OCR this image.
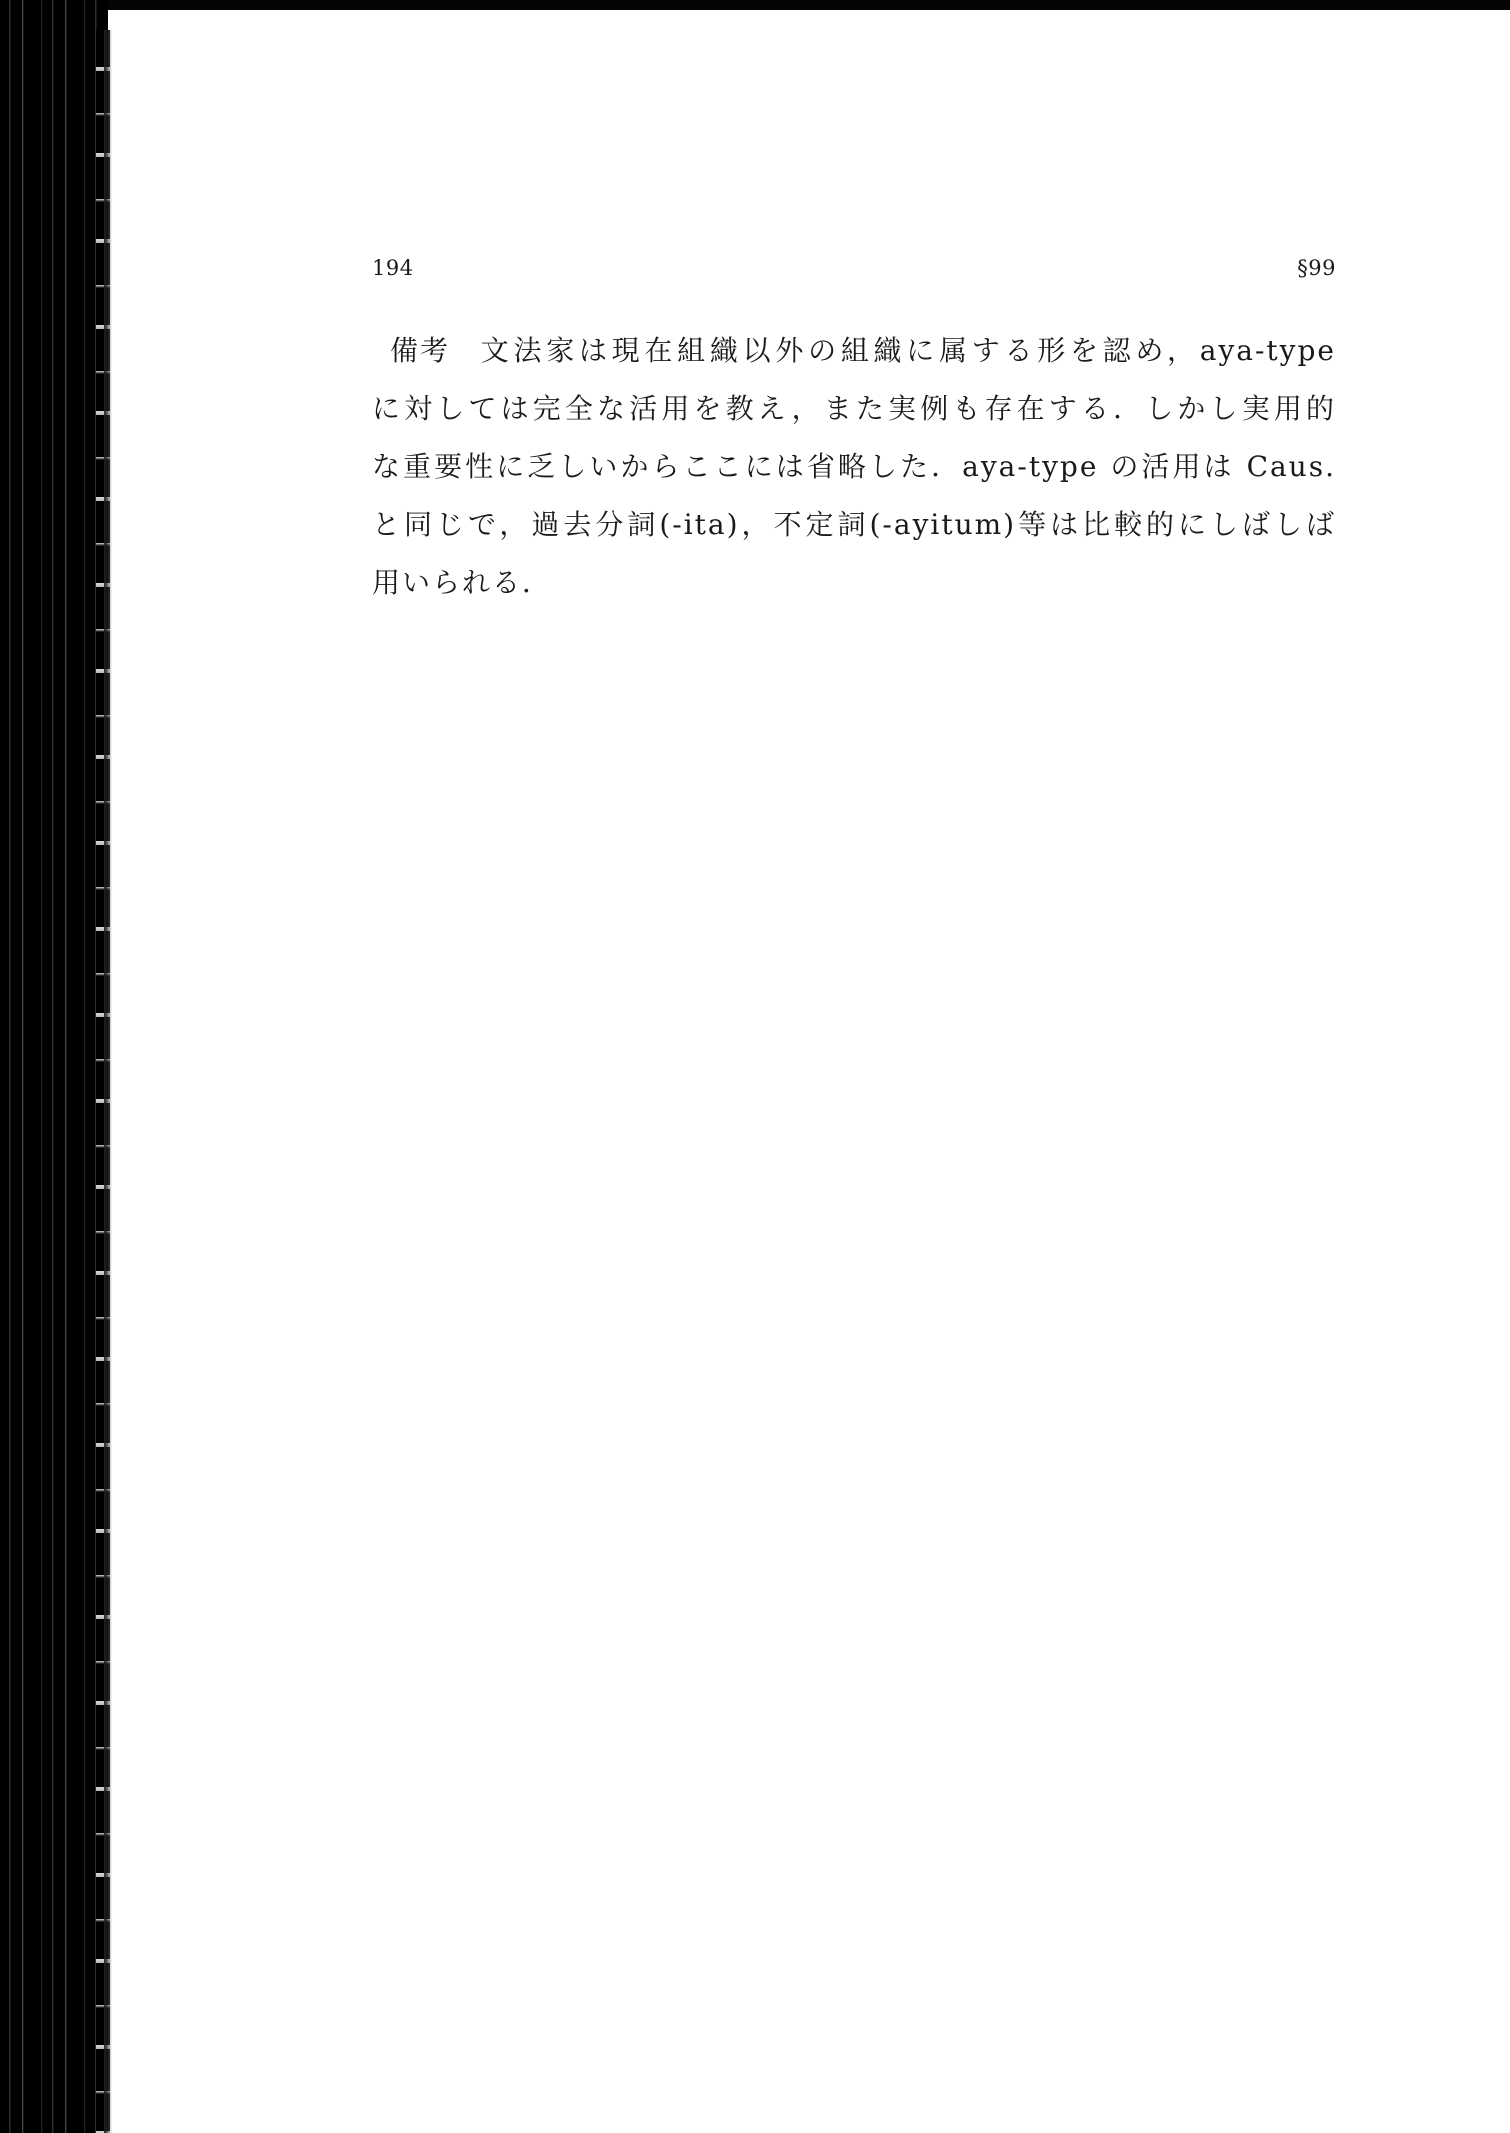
194	§99
備考 文法家は現在組織以外の組織に属する形を認め，aya-type
に対しては完全な活用を教え，また実例も存在する．しかし実用的
な重要性に乏しいからここには省略した．aya-type の活用は Caus.
と同じで，過去分詞(-ita)，不定詞(-ayitum)等は比較的にしばしば
用いられる．
